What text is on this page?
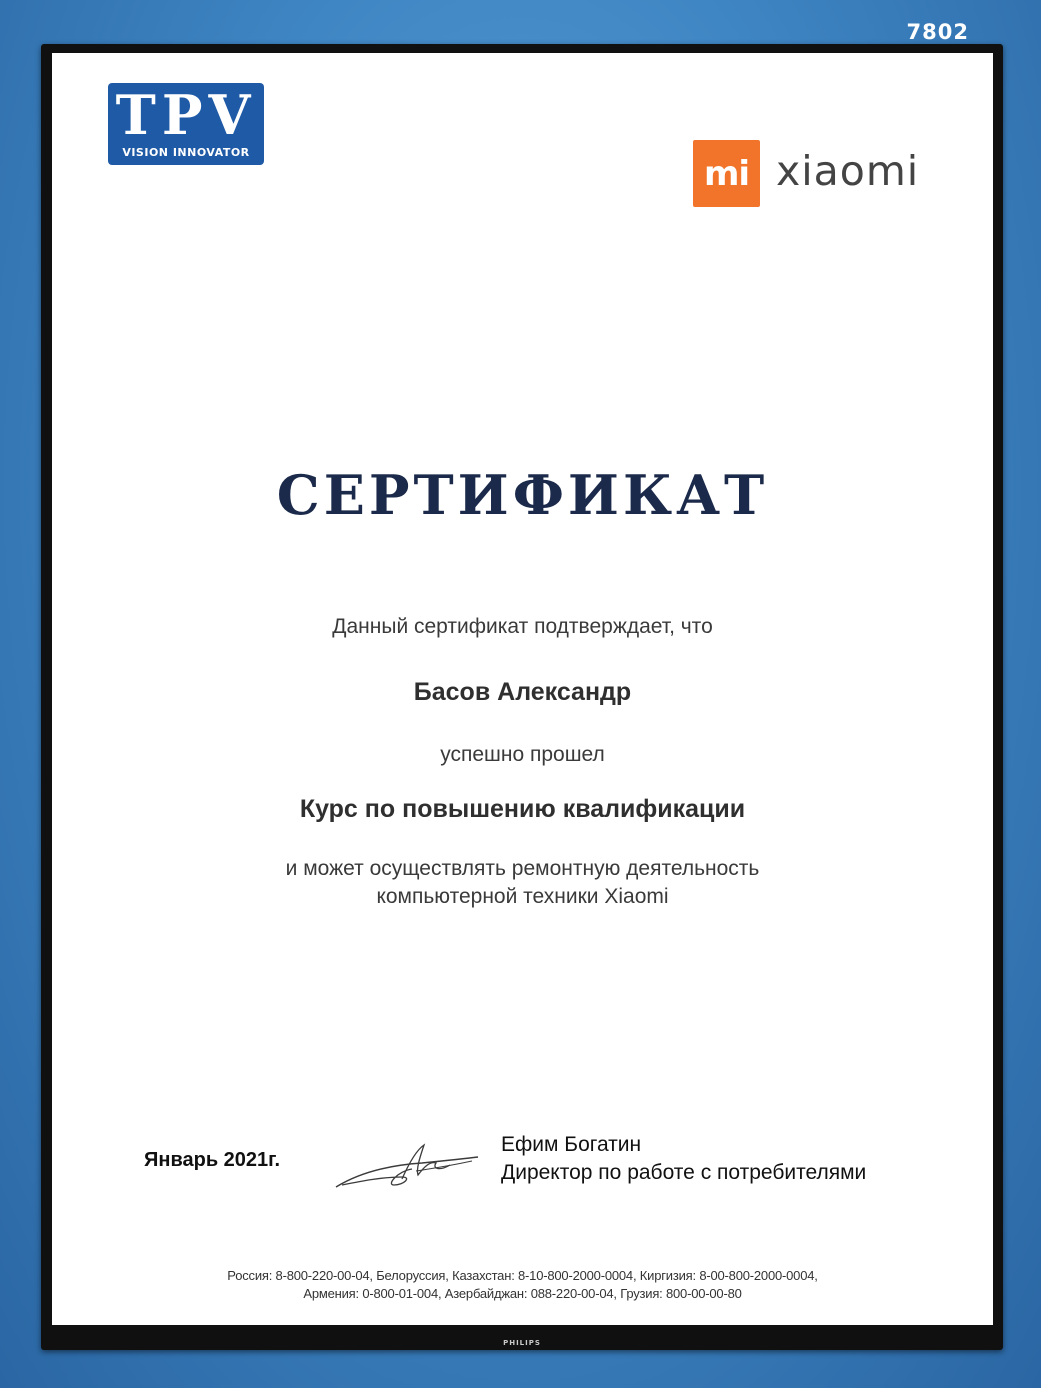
7802
PHILIPS
TPV
VISION INNOVATOR
mi xiaomi
СЕРТИФИКАТ
Данный сертификат подтверждает, что
Басов Александр
успешно прошел
Курс по повышению квалификации
и может осуществлять ремонтную деятельность
компьютерной техники Xiaomi
Январь 2021г.
Ефим Богатин
Директор по работе с потребителями
Россия: 8-800-220-00-04, Белоруссия, Казахстан: 8-10-800-2000-0004, Киргизия: 8-00-800-2000-0004,
Армения: 0-800-01-004, Азербайджан: 088-220-00-04, Грузия: 800-00-00-80
